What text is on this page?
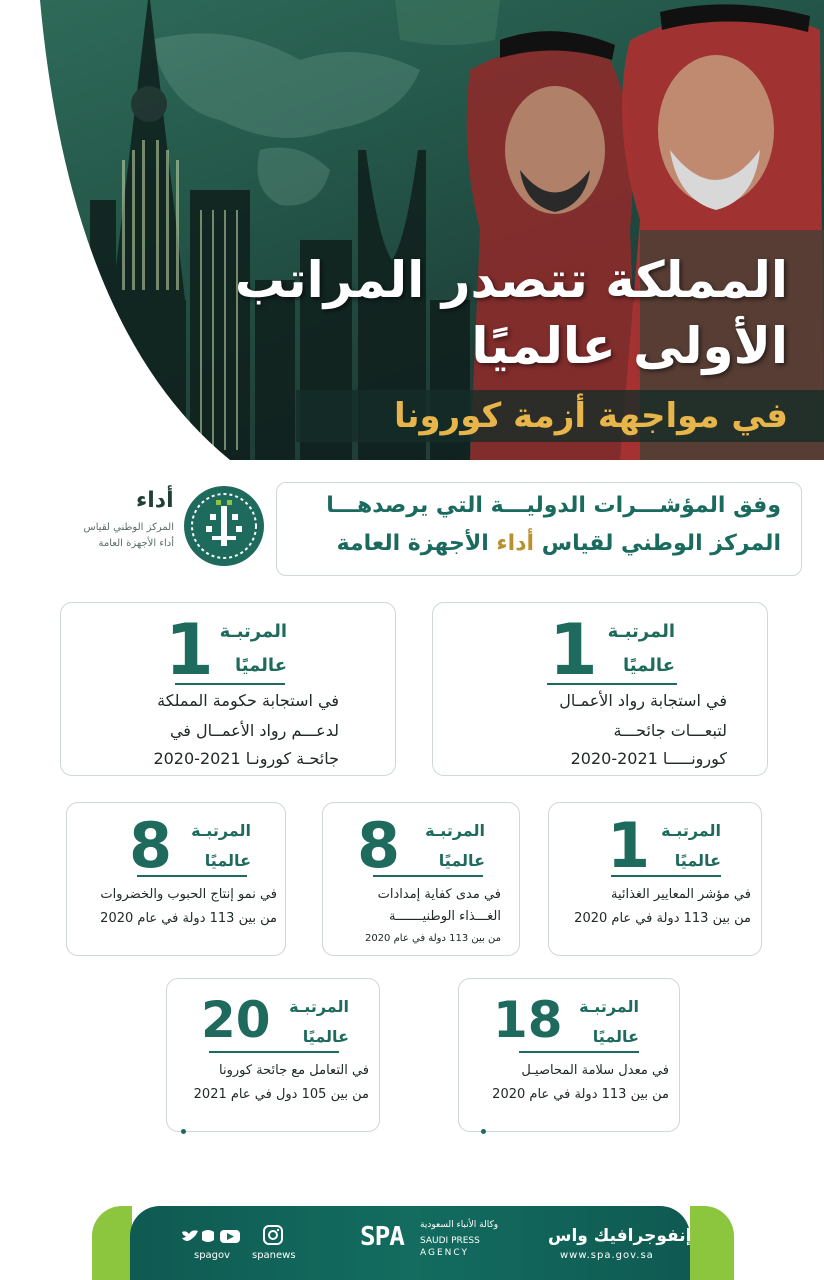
المملكة تتصدر المراتب
الأولى عالميًا
في مواجهة أزمة كورونا
وفق المؤشـــرات الدوليـــة التي يرصدهـــا
المركز الوطني لقياس أداء الأجهزة العامة
أداء
المركز الوطني لقياس
أداء الأجهزة العامة
المرتبـة
عالميًا
1
في استجابة رواد الأعمـال
لتبعـــات جائحـــة
كورونـــــا 2021-2020
المرتبـة
عالميًا
1
في استجابة حكومة المملكة
لدعـــم رواد الأعمــال في
جائحـة كورونـا 2021-2020
المرتبـة
عالميًا
1
في مؤشر المعايير الغذائية
من بين 113 دولة في عام 2020
المرتبـة
عالميًا
8
في مدى كفاية إمدادات
الغـــذاء الوطنيـــــــة
من بين 113 دولة في عام 2020
المرتبـة
عالميًا
8
في نمو إنتاج الحبوب والخضروات
من بين 113 دولة في عام 2020
المرتبـة
عالميًا
18
في معدل سلامة المحاصيـل
من بين 113 دولة في عام 2020
المرتبـة
عالميًا
20
في التعامل مع جائحة كورونا
من بين 105 دول في عام 2021
إنفوجرافيك واس
www.spa.gov.sa
SPA وكالة الأنباء السعودية
SAUDI PRESS
AGENCY
spanews
spagov
